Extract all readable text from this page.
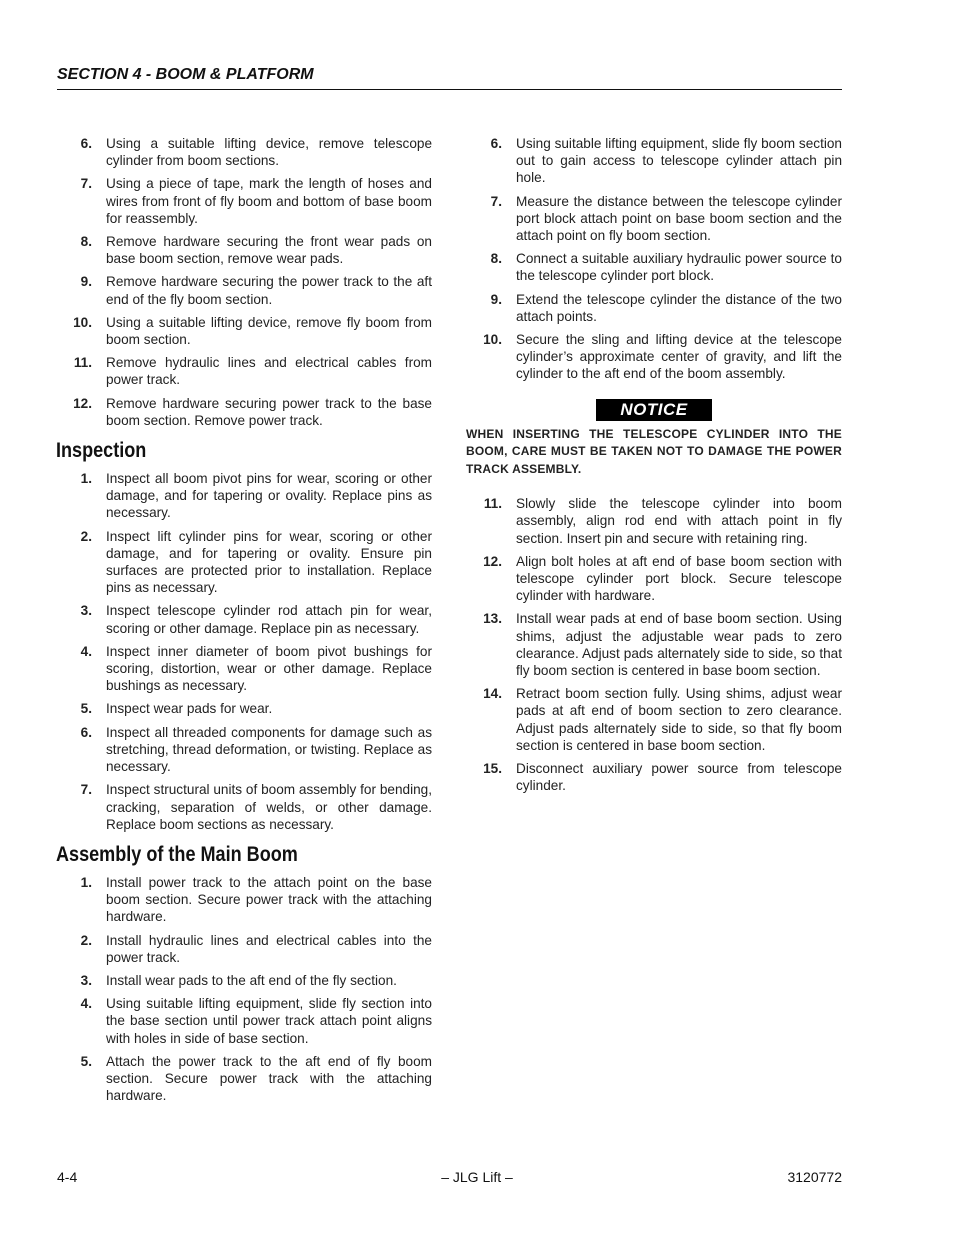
SECTION 4 - BOOM & PLATFORM
6.	Using a suitable lifting device, remove telescope cylinder from boom sections.
7.	Using a piece of tape, mark the length of hoses and wires from front of fly boom and bottom of base boom for reassembly.
8.	Remove hardware securing the front wear pads on base boom section, remove wear pads.
9.	Remove hardware securing the power track to the aft end of the fly boom section.
10.	Using a suitable lifting device, remove fly boom from boom section.
11.	Remove hydraulic lines and electrical cables from power track.
12.	Remove hardware securing power track to the base boom section. Remove power track.
Inspection
1.	Inspect all boom pivot pins for wear, scoring or other damage, and for tapering or ovality. Replace pins as necessary.
2.	Inspect lift cylinder pins for wear, scoring or other damage, and for tapering or ovality. Ensure pin surfaces are protected prior to installation. Replace pins as necessary.
3.	Inspect telescope cylinder rod attach pin for wear, scoring or other damage. Replace pin as necessary.
4.	Inspect inner diameter of boom pivot bushings for scoring, distortion, wear or other damage. Replace bushings as necessary.
5.	Inspect wear pads for wear.
6.	Inspect all threaded components for damage such as stretching, thread deformation, or twisting. Replace as necessary.
7.	Inspect structural units of boom assembly for bending, cracking, separation of welds, or other damage. Replace boom sections as necessary.
Assembly of the Main Boom
1.	Install power track to the attach point on the base boom section. Secure power track with the attaching hardware.
2.	Install hydraulic lines and electrical cables into the power track.
3.	Install wear pads to the aft end of the fly section.
4.	Using suitable lifting equipment, slide fly section into the base section until power track attach point aligns with holes in side of base section.
5.	Attach the power track to the aft end of fly boom section. Secure power track with the attaching hardware.
6.	Using suitable lifting equipment, slide fly boom section out to gain access to telescope cylinder attach pin hole.
7.	Measure the distance between the telescope cylinder port block attach point on base boom section and the attach point on fly boom section.
8.	Connect a suitable auxiliary hydraulic power source to the telescope cylinder port block.
9.	Extend the telescope cylinder the distance of the two attach points.
10.	Secure the sling and lifting device at the telescope cylinder’s approximate center of gravity, and lift the cylinder to the aft end of the boom assembly.
NOTICE
WHEN INSERTING THE TELESCOPE CYLINDER INTO THE BOOM, CARE MUST BE TAKEN NOT TO DAMAGE THE POWER TRACK ASSEMBLY.
11.	Slowly slide the telescope cylinder into boom assembly, align rod end with attach point in fly section. Insert pin and secure with retaining ring.
12.	Align bolt holes at aft end of base boom section with telescope cylinder port block. Secure telescope cylinder with hardware.
13.	Install wear pads at end of base boom section. Using shims, adjust the adjustable wear pads to zero clearance. Adjust pads alternately side to side, so that fly boom section is centered in base boom section.
14.	Retract boom section fully. Using shims, adjust wear pads at aft end of boom section to zero clearance. Adjust pads alternately side to side, so that fly boom section is centered in base boom section.
15.	Disconnect auxiliary power source from telescope cylinder.
4-4	– JLG Lift –	3120772
